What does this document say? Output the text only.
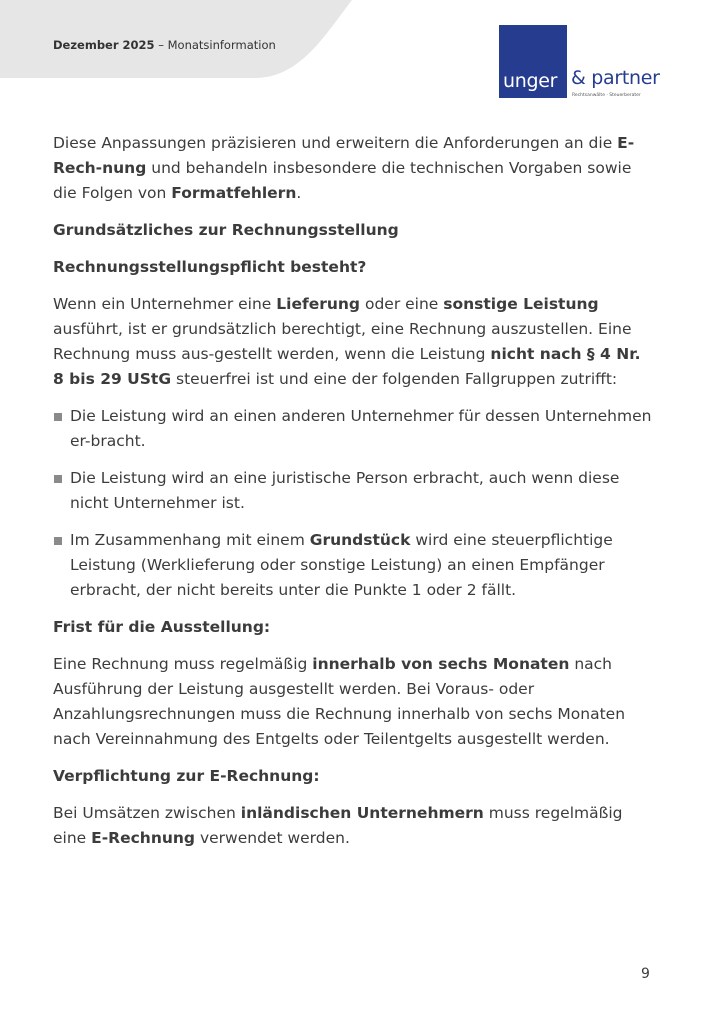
Dezember 2025 – Monatsinformation
unger & partner
Rechtsanwälte · Steuerberater

Diese Anpassungen präzisieren und erweitern die Anforderungen an die E-Rech-nung und behandeln insbesondere die technischen Vorgaben sowie die Folgen von Formatfehlern.

Grundsätzliches zur Rechnungsstellung
Rechnungsstellungspflicht besteht?

Wenn ein Unternehmer eine Lieferung oder eine sonstige Leistung ausführt, ist er grundsätzlich berechtigt, eine Rechnung auszustellen. Eine Rechnung muss aus-gestellt werden, wenn die Leistung nicht nach § 4 Nr. 8 bis 29 UStG steuerfrei ist und eine der folgenden Fallgruppen zutrifft:

Die Leistung wird an einen anderen Unternehmer für dessen Unternehmen er-bracht.
Die Leistung wird an eine juristische Person erbracht, auch wenn diese nicht Unternehmer ist.
Im Zusammenhang mit einem Grundstück wird eine steuerpflichtige Leistung (Werklieferung oder sonstige Leistung) an einen Empfänger erbracht, der nicht bereits unter die Punkte 1 oder 2 fällt.
Frist für die Ausstellung:

Eine Rechnung muss regelmäßig innerhalb von sechs Monaten nach Ausführung der Leistung ausgestellt werden. Bei Voraus- oder Anzahlungsrechnungen muss die Rechnung innerhalb von sechs Monaten nach Vereinnahmung des Entgelts oder Teilentgelts ausgestellt werden.

Verpflichtung zur E-Rechnung:

Bei Umsätzen zwischen inländischen Unternehmern muss regelmäßig eine E-Rechnung verwendet werden.

9
